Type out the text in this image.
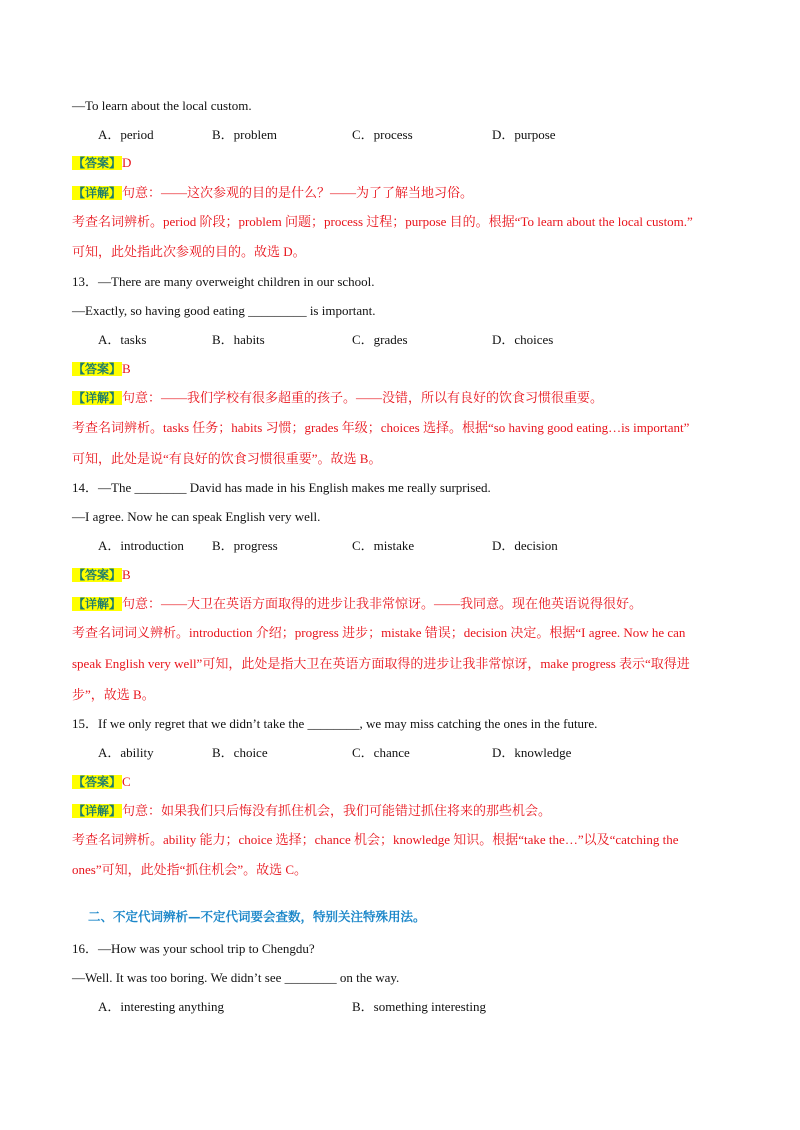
—To learn about the local custom.
A．period	B．problem	C．process	D．purpose
【答案】D
【详解】句意：——这次参观的目的是什么？——为了了解当地习俗。
考查名词辨析。period 阶段；problem 问题；process 过程；purpose 目的。根据“To learn about the local custom.”
可知，此处指此次参观的目的。故选 D。
13．—There are many overweight children in our school.
—Exactly, so having good eating _________ is important.
A．tasks	B．habits	C．grades	D．choices
【答案】B
【详解】句意：——我们学校有很多超重的孩子。——没错，所以有良好的饮食习惯很重要。
考查名词辨析。tasks 任务；habits 习惯；grades 年级；choices 选择。根据“so having good eating…is important”
可知，此处是说“有良好的饮食习惯很重要”。故选 B。
14．—The ________ David has made in his English makes me really surprised.
—I agree. Now he can speak English very well.
A．introduction B．progress	C．mistake	D．decision
【答案】B
【详解】句意：——大卫在英语方面取得的进步让我非常惊讶。——我同意。现在他英语说得很好。
考查名词词义辨析。introduction 介绍；progress 进步；mistake 错误；decision 决定。根据“I agree. Now he can
speak English very well”可知，此处是指大卫在英语方面取得的进步让我非常惊讶，make progress 表示“取得进
步”，故选 B。
15．If we only regret that we didn’t take the ________, we may miss catching the ones in the future.
A．ability	B．choice	C．chance	D．knowledge
【答案】C
【详解】句意：如果我们只后悔没有抓住机会，我们可能错过抓住将来的那些机会。
考查名词辨析。ability 能力；choice 选择；chance 机会；knowledge 知识。根据“take the…”以及“catching the
ones”可知，此处指“抓住机会”。故选 C。
二、不定代词辨析—不定代词要会查数，特别关注特殊用法。
16．—How was your school trip to Chengdu?
—Well. It was too boring. We didn’t see ________ on the way.
A．interesting anything	B．something interesting
